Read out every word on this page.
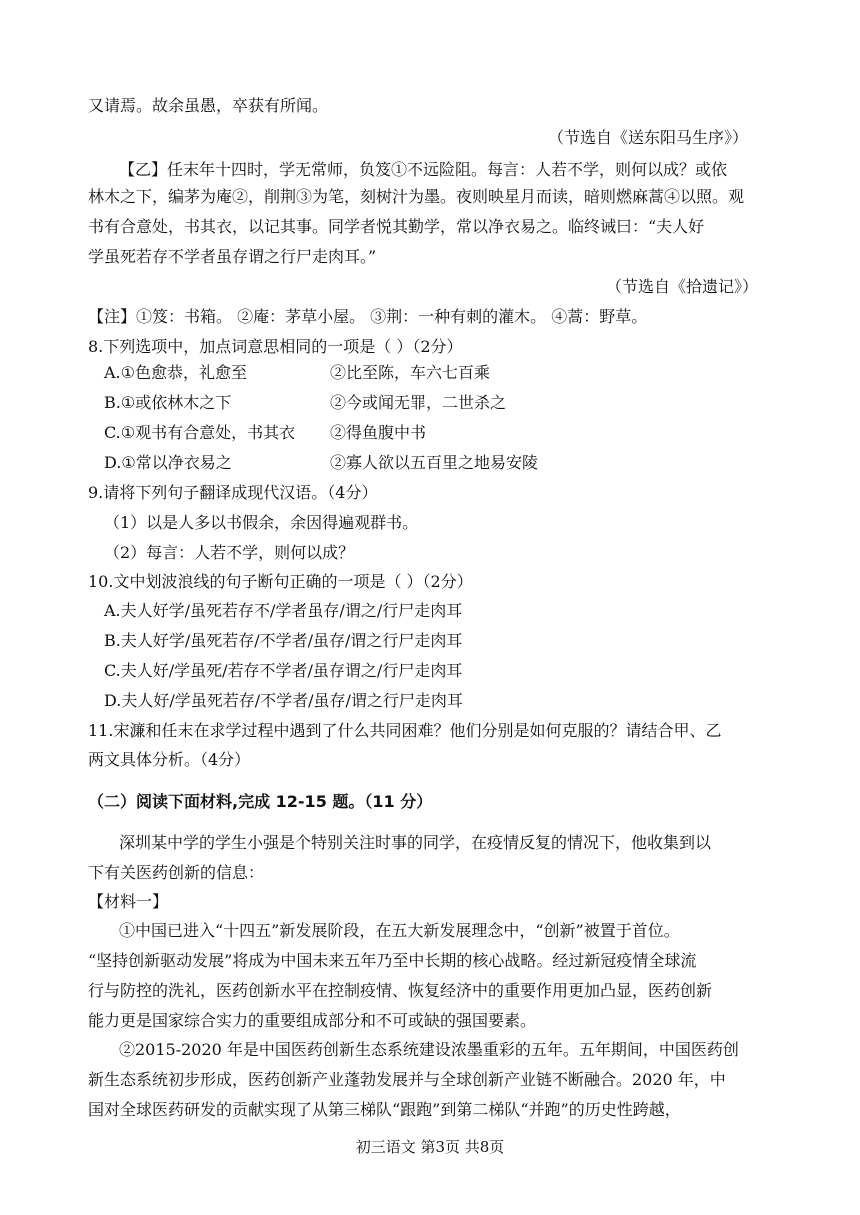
又请焉。故余虽愚，卒获有所闻。
（节选自《送东阳马生序》）
【乙】任末年十四时，学无常师，负笈①不远险阻。每言：人若不学，则何以成？或依
林木之下，编茅为庵②，削荆③为笔，刻树汁为墨。夜则映星月而读，暗则燃麻蒿④以照。观
书有合意处，书其衣，以记其事。同学者悦其勤学，常以净衣易之。临终诫曰：“夫人好
学虽死若存不学者虽存谓之行尸走肉耳。”
（节选自《拾遗记》）
【注】①笈：书箱。 ②庵：茅草小屋。 ③荆：一种有刺的灌木。 ④蒿：野草。
8.下列选项中，加点词意思相同的一项是（ ）（2分）
A.①色愈恭，礼愈至	②比至陈，车六七百乘
B.①或依林木之下	②今或闻无罪，二世杀之
C.①观书有合意处，书其衣 ②得鱼腹中书
D.①常以净衣易之	②寡人欲以五百里之地易安陵
9.请将下列句子翻译成现代汉语。（4分）
（1）以是人多以书假余，余因得遍观群书。
（2）每言：人若不学，则何以成？
10.文中划波浪线的句子断句正确的一项是（ ）（2分）
A.夫人好学/虽死若存不/学者虽存/谓之/行尸走肉耳
B.夫人好学/虽死若存/不学者/虽存/谓之行尸走肉耳
C.夫人好/学虽死/若存不学者/虽存谓之/行尸走肉耳
D.夫人好/学虽死若存/不学者/虽存/谓之行尸走肉耳
11.宋濂和任末在求学过程中遇到了什么共同困难？他们分别是如何克服的？请结合甲、乙
两文具体分析。（4分）
（二）阅读下面材料,完成 12-15 题。（11 分）
深圳某中学的学生小强是个特别关注时事的同学，在疫情反复的情况下，他收集到以
下有关医药创新的信息：
【材料一】
①中国已进入“十四五”新发展阶段，在五大新发展理念中，“创新”被置于首位。
“坚持创新驱动发展”将成为中国未来五年乃至中长期的核心战略。经过新冠疫情全球流
行与防控的洗礼，医药创新水平在控制疫情、恢复经济中的重要作用更加凸显，医药创新
能力更是国家综合实力的重要组成部分和不可或缺的强国要素。
②2015-2020 年是中国医药创新生态系统建设浓墨重彩的五年。五年期间，中国医药创
新生态系统初步形成，医药创新产业蓬勃发展并与全球创新产业链不断融合。2020 年，中
国对全球医药研发的贡献实现了从第三梯队“跟跑”到第二梯队“并跑”的历史性跨越，
初三语文 第3页 共8页
